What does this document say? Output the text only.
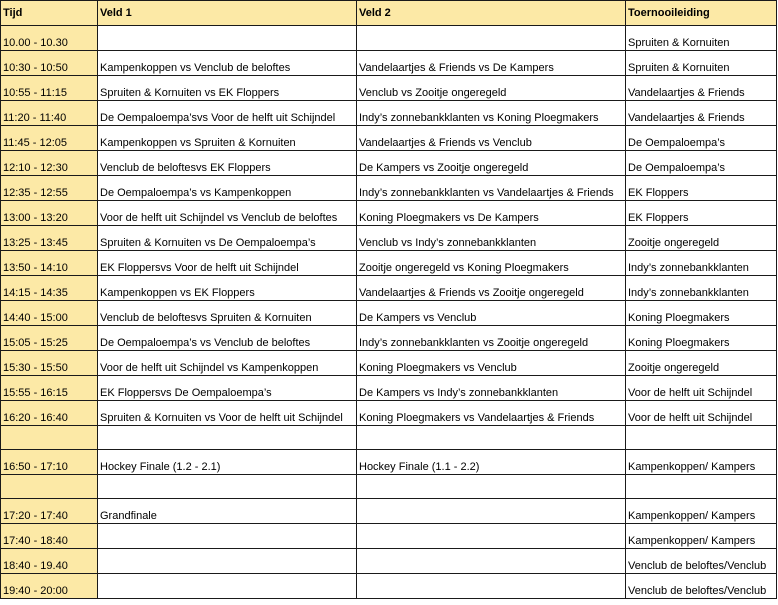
Tijd	Veld 1	Veld 2	Toernooileiding
10.00 - 10.30			Spruiten & Kornuiten
10:30 - 10:50	Kampenkoppen vs Venclub de beloftes	Vandelaartjes & Friends vs De Kampers	Spruiten & Kornuiten
10:55 - 11:15	Spruiten & Kornuiten vs EK Floppers	Venclub vs Zooitje ongeregeld	Vandelaartjes & Friends
11:20 - 11:40	De Oempaloempa’svs Voor de helft uit Schijndel	Indy’s zonnebankklanten vs Koning Ploegmakers	Vandelaartjes & Friends
11:45 - 12:05	Kampenkoppen vs Spruiten & Kornuiten	Vandelaartjes & Friends vs Venclub	De Oempaloempa’s
12:10 - 12:30	Venclub de beloftesvs EK Floppers	De Kampers vs Zooitje ongeregeld	De Oempaloempa’s
12:35 - 12:55	De Oempaloempa’s vs Kampenkoppen	Indy’s zonnebankklanten vs Vandelaartjes & Friends	EK Floppers
13:00 - 13:20	Voor de helft uit Schijndel vs Venclub de beloftes	Koning Ploegmakers vs De Kampers	EK Floppers
13:25 - 13:45	Spruiten & Kornuiten vs De Oempaloempa’s	Venclub vs Indy’s zonnebankklanten	Zooitje ongeregeld
13:50 - 14:10	EK Floppersvs Voor de helft uit Schijndel	Zooitje ongeregeld vs Koning Ploegmakers	Indy’s zonnebankklanten
14:15 - 14:35	Kampenkoppen vs EK Floppers	Vandelaartjes & Friends vs Zooitje ongeregeld	Indy’s zonnebankklanten
14:40 - 15:00	Venclub de beloftesvs Spruiten & Kornuiten	De Kampers vs Venclub	Koning Ploegmakers
15:05 - 15:25	De Oempaloempa’s vs Venclub de beloftes	Indy’s zonnebankklanten vs Zooitje ongeregeld	Koning Ploegmakers
15:30 - 15:50	Voor de helft uit Schijndel vs Kampenkoppen	Koning Ploegmakers vs Venclub	Zooitje ongeregeld
15:55 - 16:15	EK Floppersvs De Oempaloempa’s	De Kampers vs Indy’s zonnebankklanten	Voor de helft uit Schijndel
16:20 - 16:40	Spruiten & Kornuiten vs Voor de helft uit Schijndel	Koning Ploegmakers vs Vandelaartjes & Friends	Voor de helft uit Schijndel

16:50 - 17:10	Hockey Finale (1.2 - 2.1)	Hockey Finale (1.1 - 2.2)	Kampenkoppen/ Kampers

17:20 - 17:40	Grandfinale		Kampenkoppen/ Kampers
17:40 - 18:40			Kampenkoppen/ Kampers
18:40 - 19.40			Venclub de beloftes/Venclub
19:40 - 20:00			Venclub de beloftes/Venclub
